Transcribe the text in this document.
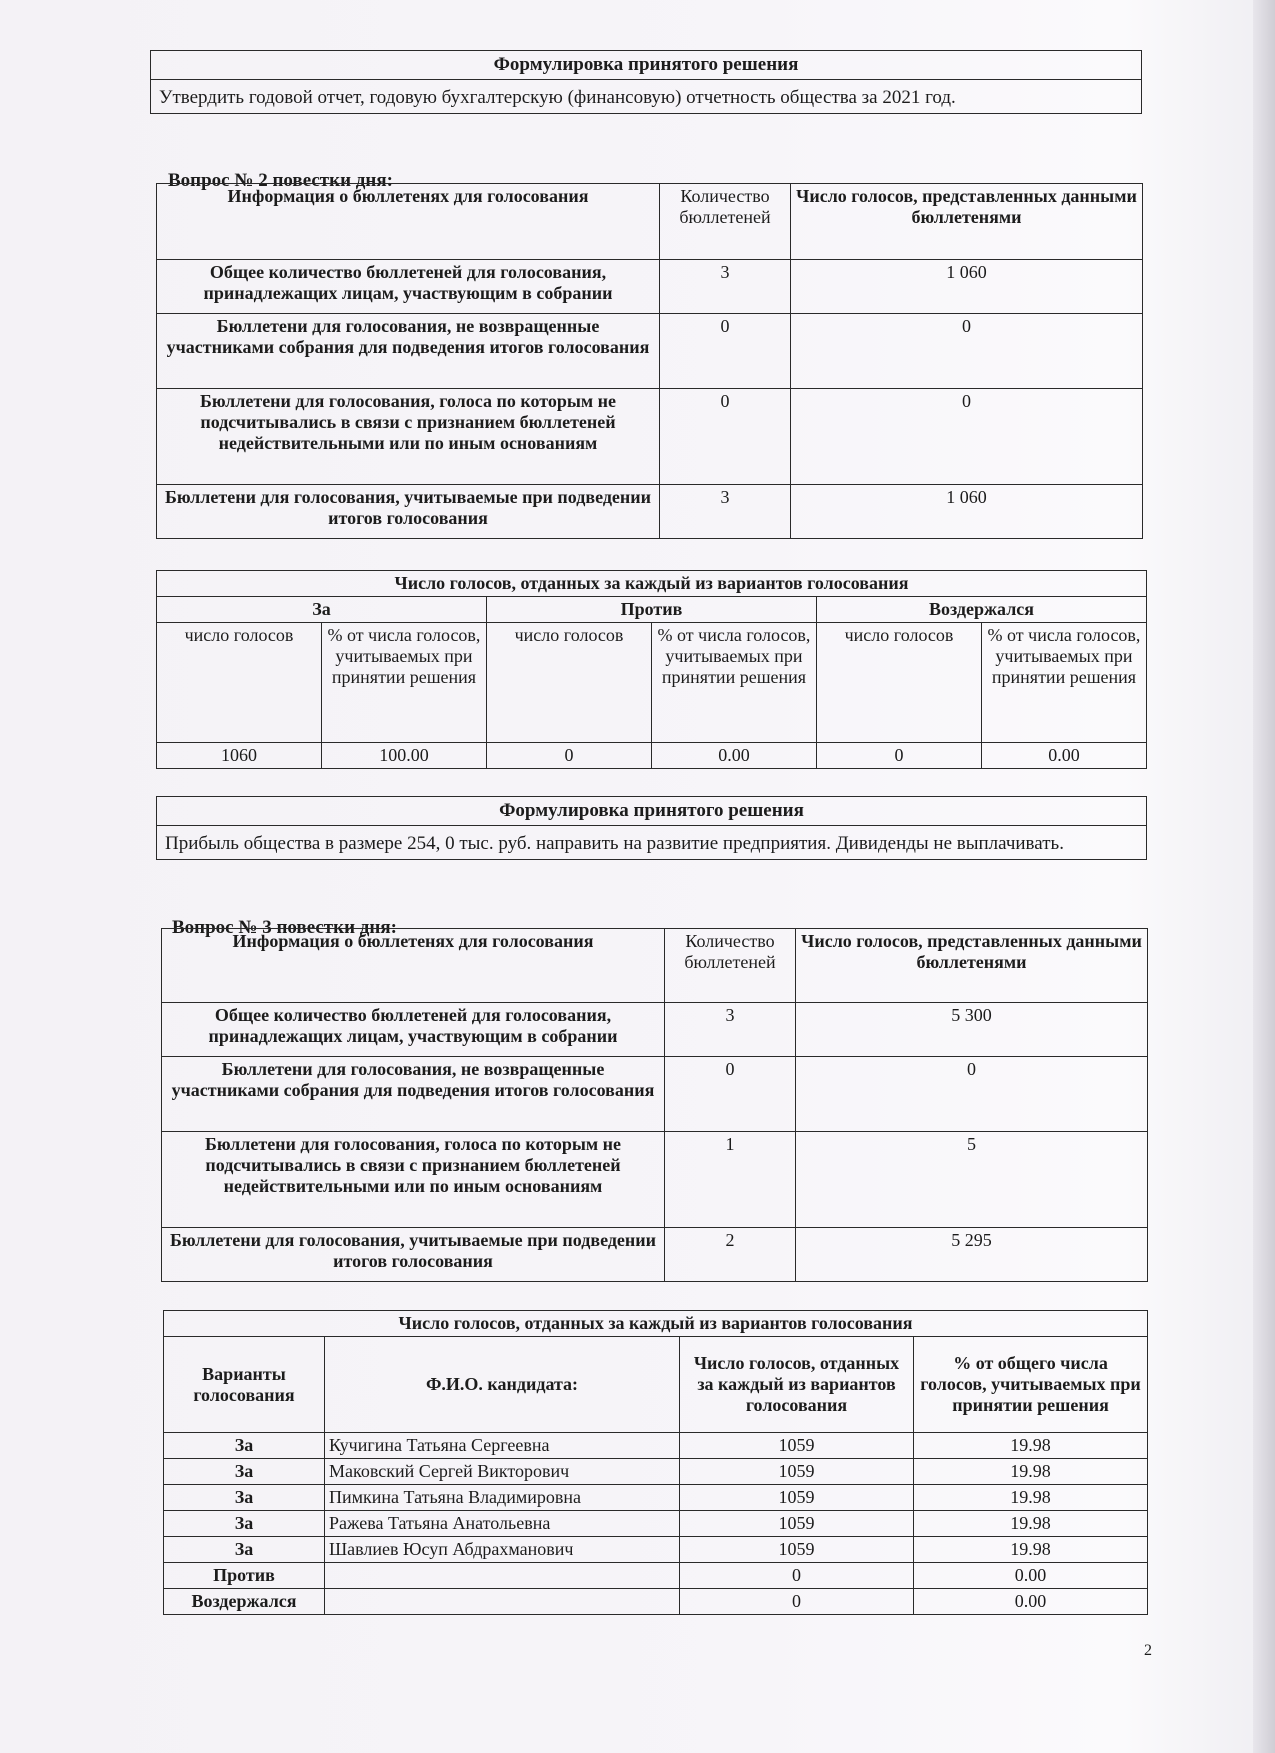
Формулировка принятого решения
Утвердить годовой отчет, годовую бухгалтерскую (финансовую) отчетность общества за 2021 год.
Вопрос № 2 повестки дня:
Информация о бюллетенях для голосования	Количество бюллетеней	Число голосов, представленных данными бюллетенями
Общее количество бюллетеней для голосования, принадлежащих лицам, участвующим в собрании	3	1 060
Бюллетени для голосования, не возвращенные участниками собрания для подведения итогов голосования	0	0
Бюллетени для голосования, голоса по которым не подсчитывались в связи с признанием бюллетеней недействительными или по иным основаниям	0	0
Бюллетени для голосования, учитываемые при подведении итогов голосования	3	1 060
Число голосов, отданных за каждый из вариантов голосования					
За		Против		Воздержался	
число голосов	% от числа голосов, учитываемых при принятии решения	число голосов	% от числа голосов, учитываемых при принятии решения	число голосов	% от числа голосов, учитываемых при принятии решения
1060	100.00	0	0.00	0	0.00
Формулировка принятого решения
Прибыль общества в размере 254, 0 тыс. руб. направить на развитие предприятия. Дивиденды не выплачивать.
Вопрос № 3 повестки дня:
Информация о бюллетенях для голосования	Количество бюллетеней	Число голосов, представленных данными бюллетенями
Общее количество бюллетеней для голосования, принадлежащих лицам, участвующим в собрании	3	5 300
Бюллетени для голосования, не возвращенные участниками собрания для подведения итогов голосования	0	0
Бюллетени для голосования, голоса по которым не подсчитывались в связи с признанием бюллетеней недействительными или по иным основаниям	1	5
Бюллетени для голосования, учитываемые при подведении итогов голосования	2	5 295
Число голосов, отданных за каждый из вариантов голосования			
Варианты голосования	Ф.И.О. кандидата:	Число голосов, отданных за каждый из вариантов голосования	% от общего числа голосов, учитываемых при принятии решения
За	Кучигина Татьяна Сергеевна	1059	19.98
За	Маковский Сергей Викторович	1059	19.98
За	Пимкина Татьяна Владимировна	1059	19.98
За	Ражева Татьяна Анатольевна	1059	19.98
За	Шавлиев Юсуп Абдрахманович	1059	19.98
Против		0	0.00
Воздержался		0	0.00
2
